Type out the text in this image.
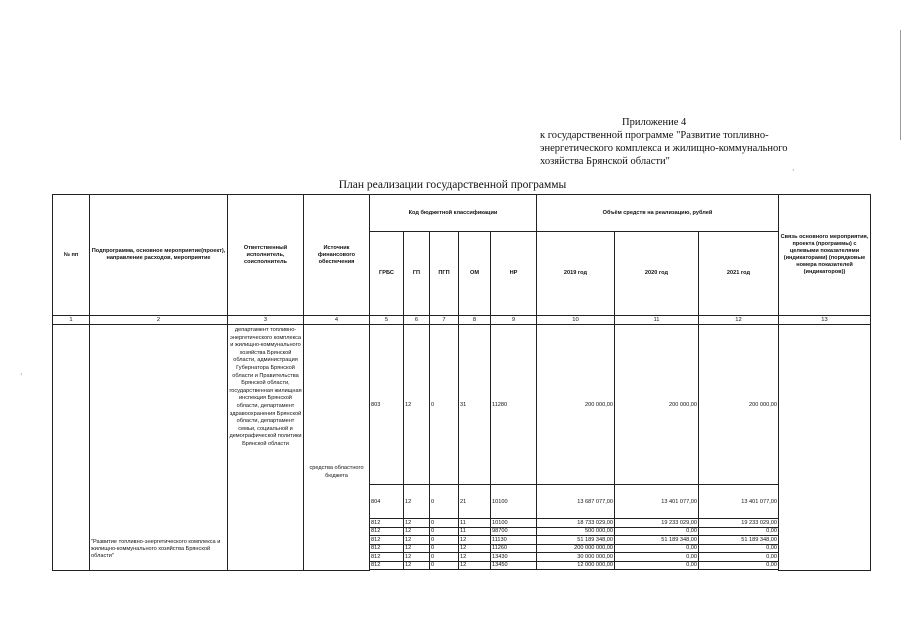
·
·
Приложение 4
к государственной программе "Развитие топливно-
энергетического комплекса и жилищно-коммунального
хозяйства Брянской области"
План реализации государственной программы
№ пп	Подпрограмма, основное мероприятие(проект), направление расходов, мероприятие	Ответственный исполнитель, соисполнитель	Источник финансового обеспечения	Код бюджетной классификации					Объём средств на реализацию, рублей			Связь основного мероприятия, проекта (программы) с целевыми показателями (индикаторами) (порядковые номера показателей (индикаторов))
				ГРБС	ГП	ПГП	ОМ	НР	2019 год	2020 год	2021 год	
1	2	3	4	5	6	7	8	9	10	11	12	13
	"Развитие топливно-энергетического комплекса и жилищно-коммунального хозяйства Брянской области"	департамент топливно-энергетического комплекса и жилищно-коммунального хозяйства Брянской области, администрация Губернатора Брянской области и Правительства Брянской области, государственная жилищная инспекция Брянской области, департамент здравоохранения Брянской области, департамент семьи, социальной и демографической политики Брянской области	средства областного бюджета	803	12	0	31	11280	200 000,00	200 000,00	200 000,00	
				804	12	0	21	10100	13 687 077,00	13 401 077,00	13 401 077,00	
				812	12	0	11	10100	18 733 029,00	19 233 029,00	19 233 029,00	
				812	12	0	11	98700	500 000,00	0,00	0,00	
				812	12	0	12	11130	51 189 348,00	51 189 348,00	51 189 348,00	
				812	12	0	12	11260	200 000 000,00	0,00	0,00	
				812	12	0	12	13430	30 000 000,00	0,00	0,00	
				812	12	0	12	13450	12 000 000,00	0,00	0,00	
